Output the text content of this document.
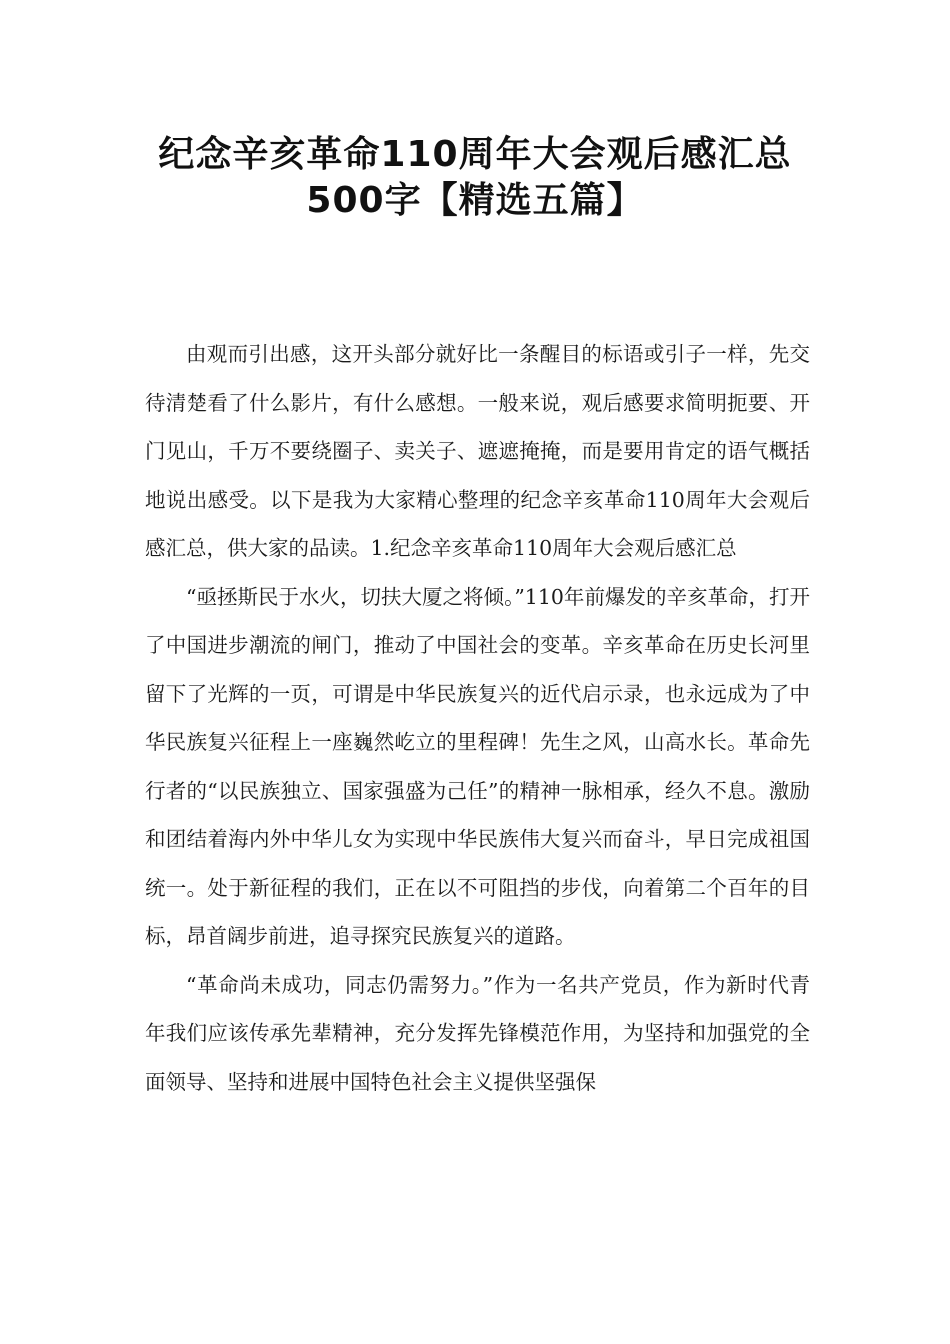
纪念辛亥革命110周年大会观后感汇总
500字【精选五篇】

由观而引出感，这开头部分就好比一条醒目的标语或引子一样，先交待清楚看了什么影片，有什么感想。一般来说，观后感要求简明扼要、开门见山，千万不要绕圈子、卖关子、遮遮掩掩，而是要用肯定的语气概括地说出感受。以下是我为大家精心整理的纪念辛亥革命110周年大会观后感汇总，供大家的品读。1.纪念辛亥革命110周年大会观后感汇总

“亟拯斯民于水火，切扶大厦之将倾。”110年前爆发的辛亥革命，打开了中国进步潮流的闸门，推动了中国社会的变革。辛亥革命在历史长河里留下了光辉的一页，可谓是中华民族复兴的近代启示录，也永远成为了中华民族复兴征程上一座巍然屹立的里程碑！先生之风，山高水长。革命先行者的“以民族独立、国家强盛为己任”的精神一脉相承，经久不息。激励和团结着海内外中华儿女为实现中华民族伟大复兴而奋斗，早日完成祖国统一。处于新征程的我们，正在以不可阻挡的步伐，向着第二个百年的目标，昂首阔步前进，追寻探究民族复兴的道路。

“革命尚未成功，同志仍需努力。”作为一名共产党员，作为新时代青年我们应该传承先辈精神，充分发挥先锋模范作用，为坚持和加强党的全面领导、坚持和进展中国特色社会主义提供坚强保
